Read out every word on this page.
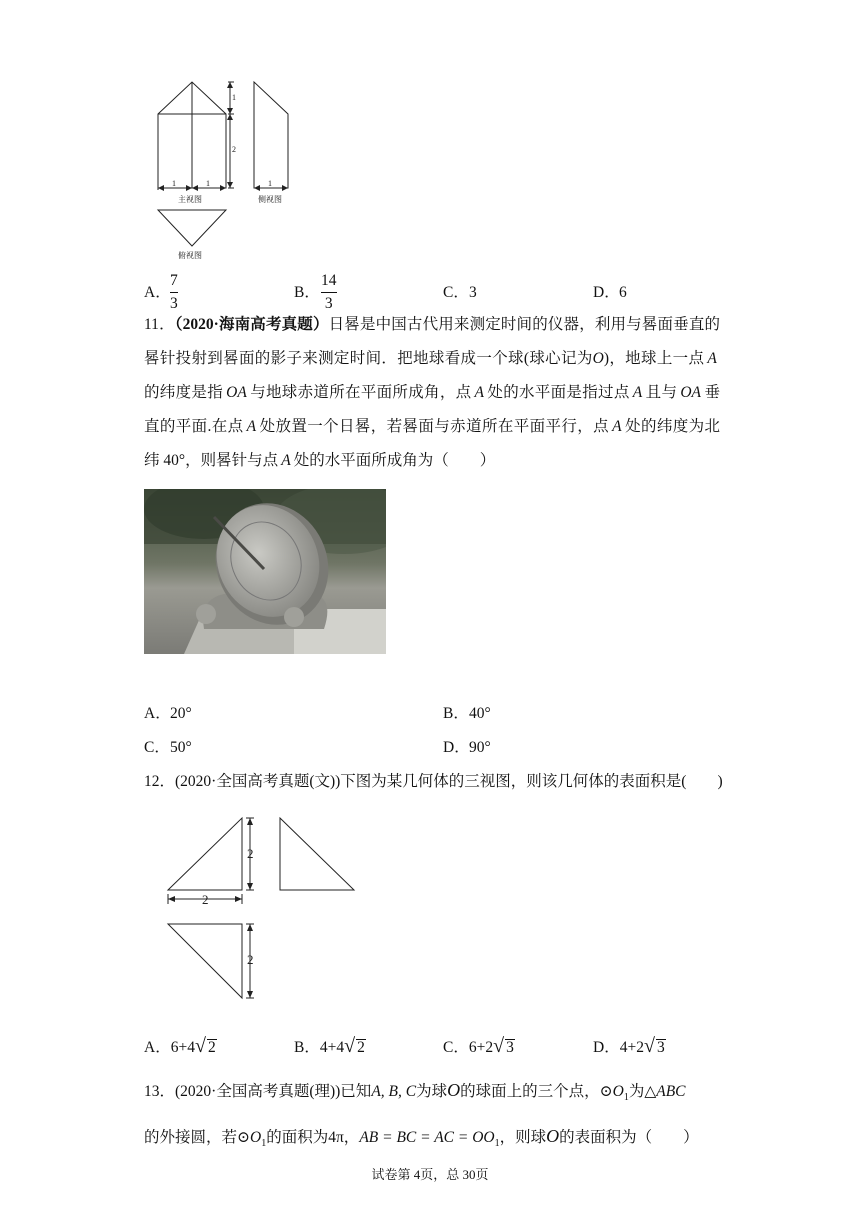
1
2
1	1	1
主视图	侧视图
俯视图
A．
7
3
B．
14
3
C． 3	D． 6
11．（2020·海南高考真题）日晷是中国古代用来测定时间的仪器，利用与晷面垂直的晷针投射到晷面的影子来测定时间．把地球看成一个球(球心记为O)，地球上一点  A 的纬度是指  OA  与地球赤道所在平面所成角，点  A  处的水平面是指过点  A  且与  OA  垂直的平面.在点  A  处放置一个日晷，若晷面与赤道所在平面平行，点  A  处的纬度为北纬 40°，则晷针与点  A  处的水平面所成角为（　　）
A． 20°	B． 40°
C． 50°	D． 90°
12．(2020·全国高考真题(文))下图为某几何体的三视图，则该几何体的表面积是(　　)
2
2
2
A．6+4√ 2	B．4+4√ 2	C．6+2√ 3	D．4+2√ 3
13．(2020·全国高考真题(理))已知A, B, C为球O的球面上的三个点，$⊙O_1$为△ABC
的外接圆，若$⊙O_1$的面积为4π，AB = BC = AC = $OO_1$，则球O的表面积为（　　）
试卷第 4页，总 30页
